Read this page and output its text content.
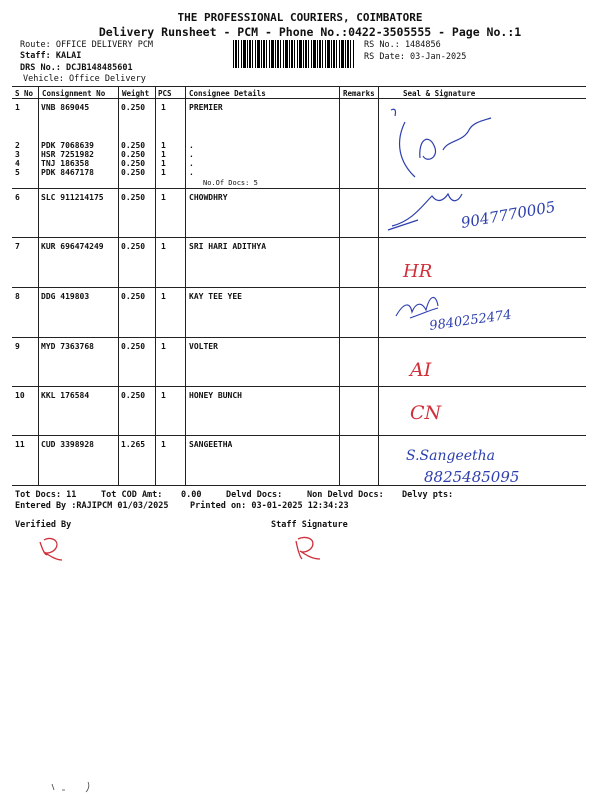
THE PROFESSIONAL COURIERS, COIMBATORE
Delivery Runsheet - PCM - Phone No.:0422-3505555 - Page No.:1
Route: OFFICE DELIVERY PCM
Staff: KALAI
DRS No.: DCJB148485601
Vehicle: Office Delivery
RS No.: 1484856
RS Date: 03-Jan-2025
S No Consignment No Weight PCS Consignee Details	Remarks	Seal & Signature
1	VNB 869045	0.250 1	PREMIER
2	PDK 7068639	0.250 1	.
3	HSR 7251982	0.250 1	.
4	TNJ 186358	0.250 1	.
5	PDK 8467178	0.250 1	.
No.Of Docs: 5
6	SLC 911214175 0.250 1	CHOWDHRY
7	KUR 696474249 0.250 1	SRI HARI ADITHYA
8	DDG 419803	0.250 1	KAY TEE YEE
9	MYD 7363768	0.250 1	VOLTER
10 KKL 176584	0.250 1	HONEY BUNCH
11 CUD 3398928	1.265 1	SANGEETHA
Tot Docs: 11	Tot COD Amt: 0.00	Delvd Docs:	Non Delvd Docs: Delvy pts:
Entered By :RAJIPCM 01/03/2025	Printed on: 03-01-2025 12:34:23
Verified By	Staff Signature
9047770005
HR
9840252474
AI
CN
S.Sangeetha
8825485095
